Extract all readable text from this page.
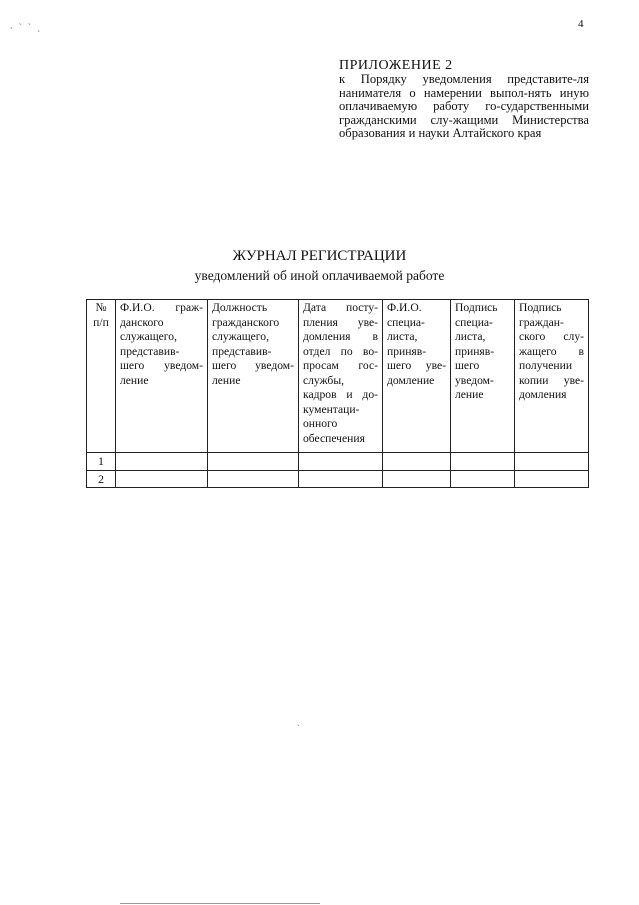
⸳ ˋ ˋ ˏ	4
ПРИЛОЖЕНИЕ 2
к Порядку уведомления представите-ля нанимателя о намерении выпол-нять иную оплачиваемую работу го-сударственными гражданскими слу-жащими Министерства образования и науки Алтайского края
ЖУРНАЛ РЕГИСТРАЦИИ
уведомлений об иной оплачиваемой работе
№ п/п	Ф.И.О. граж-данского служащего, представив-шего уведом-ление	Должность гражданского служащего, представив-шего уведом-ление	Дата посту-пления уве-домления в отдел по во-просам гос-службы, кадров и до-кументаци-онного обеспечения	Ф.И.О. специа-листа, приняв-шего уве-домление	Подпись специа-листа, приняв-шего уведом-ление	Подпись граждан-ского слу-жащего в получении копии уве-домления
1						
2						
ˏ
